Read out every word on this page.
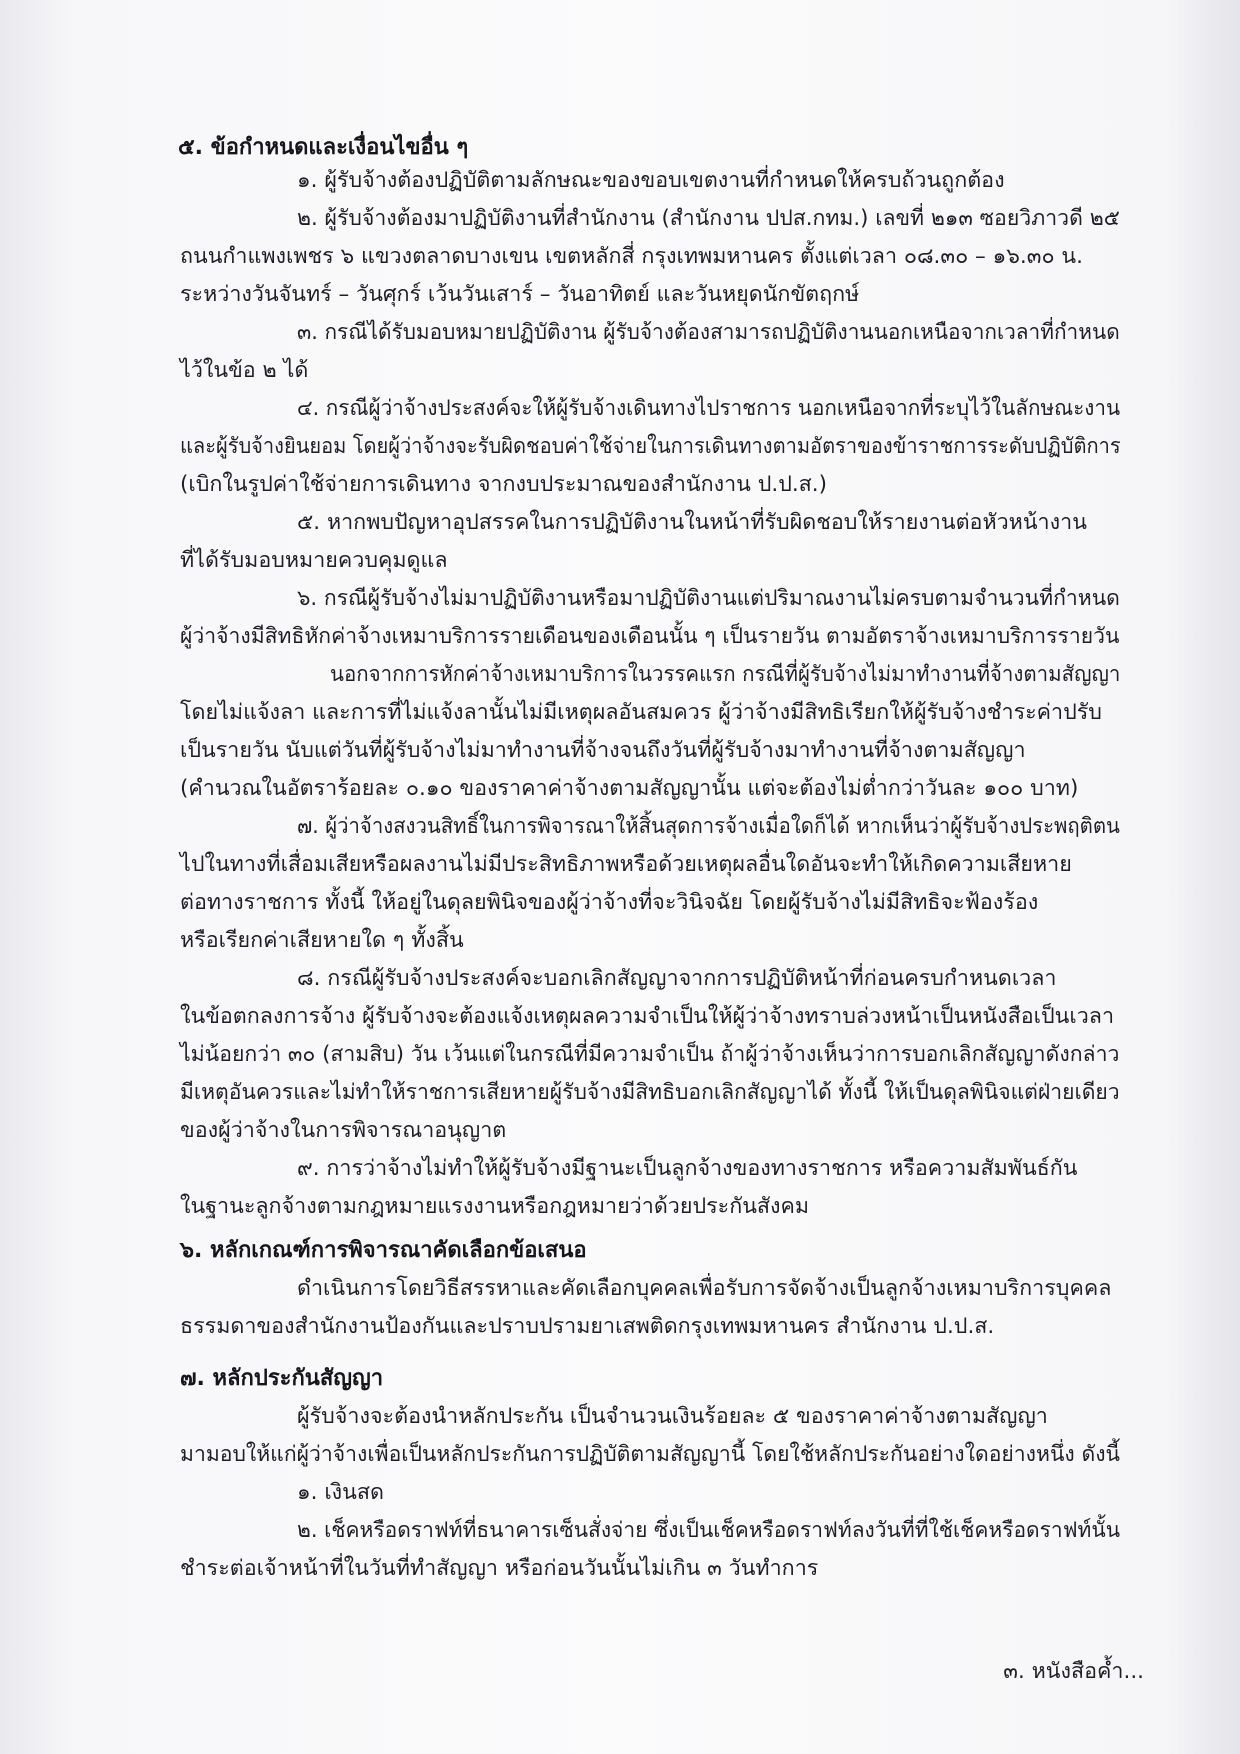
๕. ข้อกำหนดและเงื่อนไขอื่น ๆ
๑. ผู้รับจ้างต้องปฏิบัติตามลักษณะของขอบเขตงานที่กำหนดให้ครบถ้วนถูกต้อง
๒. ผู้รับจ้างต้องมาปฏิบัติงานที่สำนักงาน (สำนักงาน ปปส.กทม.) เลขที่ ๒๑๓ ซอยวิภาวดี ๒๕
ถนนกำแพงเพชร ๖ แขวงตลาดบางเขน เขตหลักสี่ กรุงเทพมหานคร ตั้งแต่เวลา ๐๘.๓๐ – ๑๖.๓๐ น.
ระหว่างวันจันทร์ – วันศุกร์ เว้นวันเสาร์ – วันอาทิตย์ และวันหยุดนักขัตฤกษ์
๓. กรณีได้รับมอบหมายปฏิบัติงาน ผู้รับจ้างต้องสามารถปฏิบัติงานนอกเหนือจากเวลาที่กำหนด
ไว้ในข้อ ๒ ได้
๔. กรณีผู้ว่าจ้างประสงค์จะให้ผู้รับจ้างเดินทางไปราชการ นอกเหนือจากที่ระบุไว้ในลักษณะงาน
และผู้รับจ้างยินยอม โดยผู้ว่าจ้างจะรับผิดชอบค่าใช้จ่ายในการเดินทางตามอัตราของข้าราชการระดับปฏิบัติการ
(เบิกในรูปค่าใช้จ่ายการเดินทาง จากงบประมาณของสำนักงาน ป.ป.ส.)
๕. หากพบปัญหาอุปสรรคในการปฏิบัติงานในหน้าที่รับผิดชอบให้รายงานต่อหัวหน้างาน
ที่ได้รับมอบหมายควบคุมดูแล
๖. กรณีผู้รับจ้างไม่มาปฏิบัติงานหรือมาปฏิบัติงานแต่ปริมาณงานไม่ครบตามจำนวนที่กำหนด
ผู้ว่าจ้างมีสิทธิหักค่าจ้างเหมาบริการรายเดือนของเดือนนั้น ๆ เป็นรายวัน ตามอัตราจ้างเหมาบริการรายวัน
นอกจากการหักค่าจ้างเหมาบริการในวรรคแรก กรณีที่ผู้รับจ้างไม่มาทำงานที่จ้างตามสัญญา
โดยไม่แจ้งลา และการที่ไม่แจ้งลานั้นไม่มีเหตุผลอันสมควร ผู้ว่าจ้างมีสิทธิเรียกให้ผู้รับจ้างชำระค่าปรับ
เป็นรายวัน นับแต่วันที่ผู้รับจ้างไม่มาทำงานที่จ้างจนถึงวันที่ผู้รับจ้างมาทำงานที่จ้างตามสัญญา
(คำนวณในอัตราร้อยละ ๐.๑๐ ของราคาค่าจ้างตามสัญญานั้น แต่จะต้องไม่ต่ำกว่าวันละ ๑๐๐ บาท)
๗. ผู้ว่าจ้างสงวนสิทธิ์ในการพิจารณาให้สิ้นสุดการจ้างเมื่อใดก็ได้ หากเห็นว่าผู้รับจ้างประพฤติตน
ไปในทางที่เสื่อมเสียหรือผลงานไม่มีประสิทธิภาพหรือด้วยเหตุผลอื่นใดอันจะทำให้เกิดความเสียหาย
ต่อทางราชการ ทั้งนี้ ให้อยู่ในดุลยพินิจของผู้ว่าจ้างที่จะวินิจฉัย โดยผู้รับจ้างไม่มีสิทธิจะฟ้องร้อง
หรือเรียกค่าเสียหายใด ๆ ทั้งสิ้น
๘. กรณีผู้รับจ้างประสงค์จะบอกเลิกสัญญาจากการปฏิบัติหน้าที่ก่อนครบกำหนดเวลา
ในข้อตกลงการจ้าง ผู้รับจ้างจะต้องแจ้งเหตุผลความจำเป็นให้ผู้ว่าจ้างทราบล่วงหน้าเป็นหนังสือเป็นเวลา
ไม่น้อยกว่า ๓๐ (สามสิบ) วัน เว้นแต่ในกรณีที่มีความจำเป็น ถ้าผู้ว่าจ้างเห็นว่าการบอกเลิกสัญญาดังกล่าว
มีเหตุอันควรและไม่ทำให้ราชการเสียหายผู้รับจ้างมีสิทธิบอกเลิกสัญญาได้ ทั้งนี้ ให้เป็นดุลพินิจแต่ฝ่ายเดียว
ของผู้ว่าจ้างในการพิจารณาอนุญาต
๙. การว่าจ้างไม่ทำให้ผู้รับจ้างมีฐานะเป็นลูกจ้างของทางราชการ หรือความสัมพันธ์กัน
ในฐานะลูกจ้างตามกฎหมายแรงงานหรือกฎหมายว่าด้วยประกันสังคม
๖. หลักเกณฑ์การพิจารณาคัดเลือกข้อเสนอ
ดำเนินการโดยวิธีสรรหาและคัดเลือกบุคคลเพื่อรับการจัดจ้างเป็นลูกจ้างเหมาบริการบุคคล
ธรรมดาของสำนักงานป้องกันและปราบปรามยาเสพติดกรุงเทพมหานคร สำนักงาน ป.ป.ส.
๗. หลักประกันสัญญา
ผู้รับจ้างจะต้องนำหลักประกัน เป็นจำนวนเงินร้อยละ ๕ ของราคาค่าจ้างตามสัญญา
มามอบให้แก่ผู้ว่าจ้างเพื่อเป็นหลักประกันการปฏิบัติตามสัญญานี้ โดยใช้หลักประกันอย่างใดอย่างหนึ่ง ดังนี้
๑. เงินสด
๒. เช็คหรือดราฟท์ที่ธนาคารเซ็นสั่งจ่าย ซึ่งเป็นเช็คหรือดราฟท์ลงวันที่ที่ใช้เช็คหรือดราฟท์นั้น
ชำระต่อเจ้าหน้าที่ในวันที่ทำสัญญา หรือก่อนวันนั้นไม่เกิน ๓ วันทำการ
๓. หนังสือค้ำ...
